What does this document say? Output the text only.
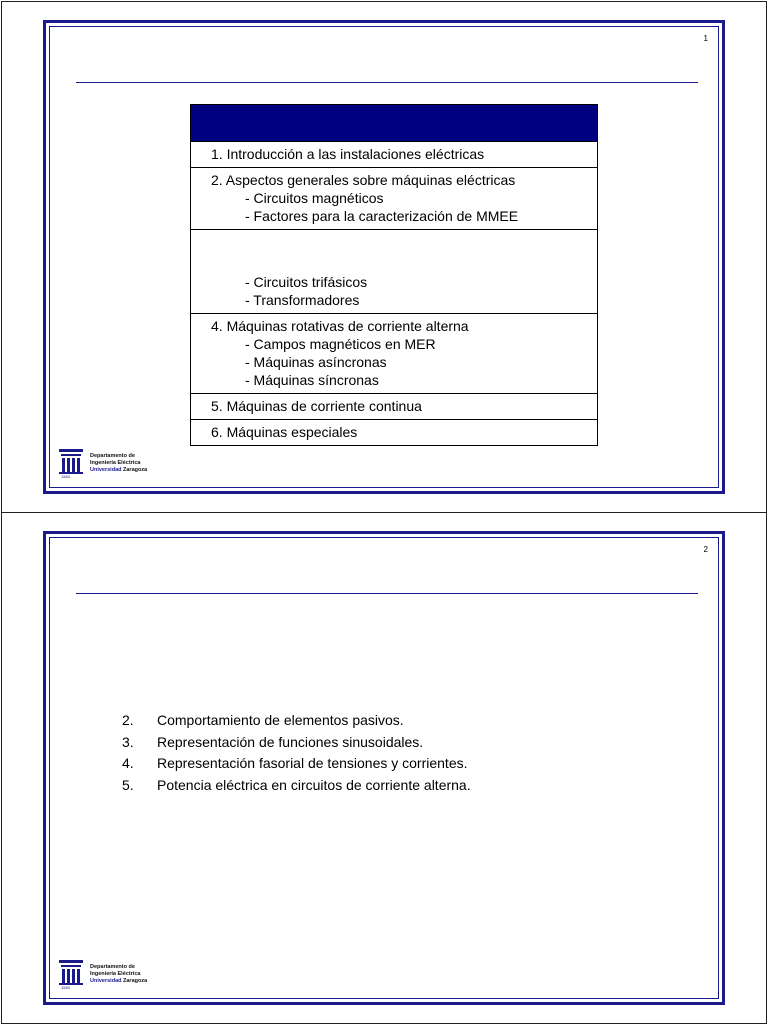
1
1. Introducción a las instalaciones eléctricas
2. Aspectos generales sobre máquinas eléctricas
- Circuitos magnéticos
- Factores para la caracterización de MMEE
- Circuitos trifásicos
- Transformadores
4. Máquinas rotativas de corriente alterna
- Campos magnéticos en MER
- Máquinas asíncronas
- Máquinas síncronas
5. Máquinas de corriente continua
6. Máquinas especiales
1583
Departamento de
Ingeniería Eléctrica
Universidad Zaragoza
2
2.	Comportamiento de elementos pasivos.
3.	Representación de funciones sinusoidales.
4.	Representación fasorial de tensiones y corrientes.
5.	Potencia eléctrica en circuitos de corriente alterna.
1583
Departamento de
Ingeniería Eléctrica
Universidad Zaragoza
